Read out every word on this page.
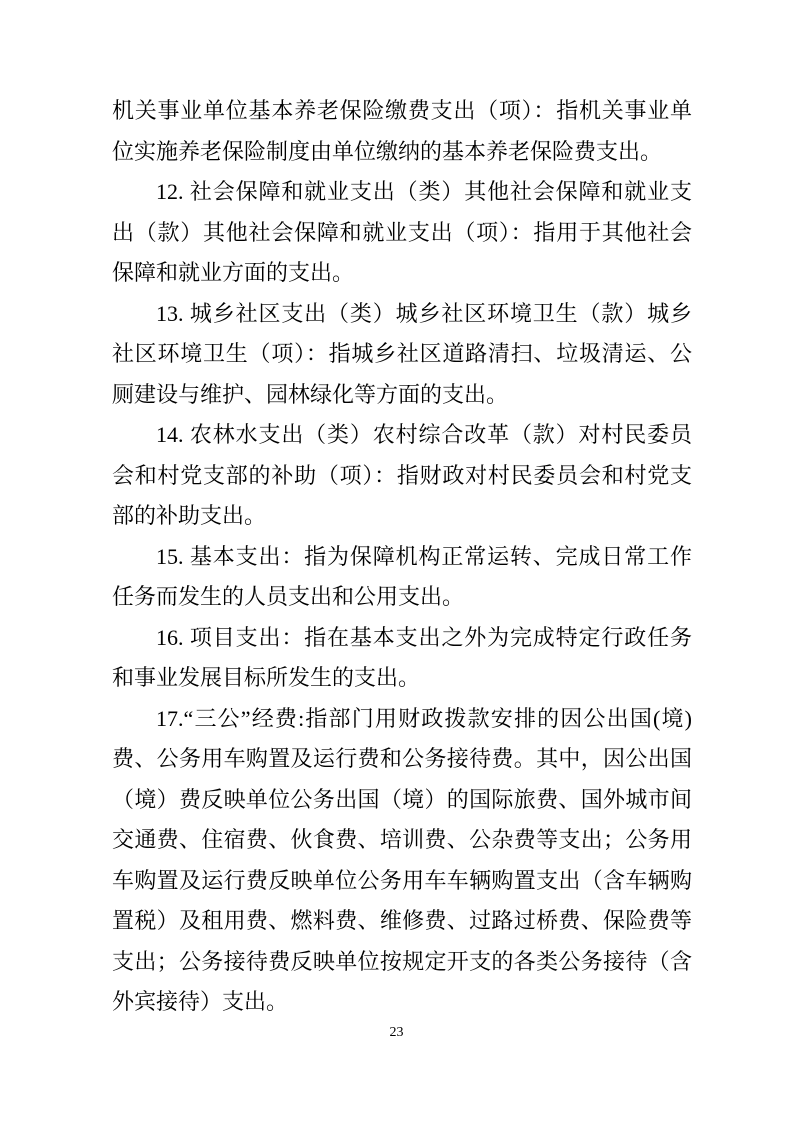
机关事业单位基本养老保险缴费支出（项）：指机关事业单位实施养老保险制度由单位缴纳的基本养老保险费支出。

12. 社会保障和就业支出（类）其他社会保障和就业支出（款）其他社会保障和就业支出（项）：指用于其他社会保障和就业方面的支出。

13. 城乡社区支出（类）城乡社区环境卫生（款）城乡社区环境卫生（项）：指城乡社区道路清扫、垃圾清运、公厕建设与维护、园林绿化等方面的支出。

14. 农林水支出（类）农村综合改革（款）对村民委员会和村党支部的补助（项）：指财政对村民委员会和村党支部的补助支出。

15. 基本支出：指为保障机构正常运转、完成日常工作任务而发生的人员支出和公用支出。

16. 项目支出：指在基本支出之外为完成特定行政任务和事业发展目标所发生的支出。

17.“三公”经费:指部门用财政拨款安排的因公出国(境)费、公务用车购置及运行费和公务接待费。其中，因公出国（境）费反映单位公务出国（境）的国际旅费、国外城市间交通费、住宿费、伙食费、培训费、公杂费等支出；公务用车购置及运行费反映单位公务用车车辆购置支出（含车辆购置税）及租用费、燃料费、维修费、过路过桥费、保险费等支出；公务接待费反映单位按规定开支的各类公务接待（含外宾接待）支出。

23
